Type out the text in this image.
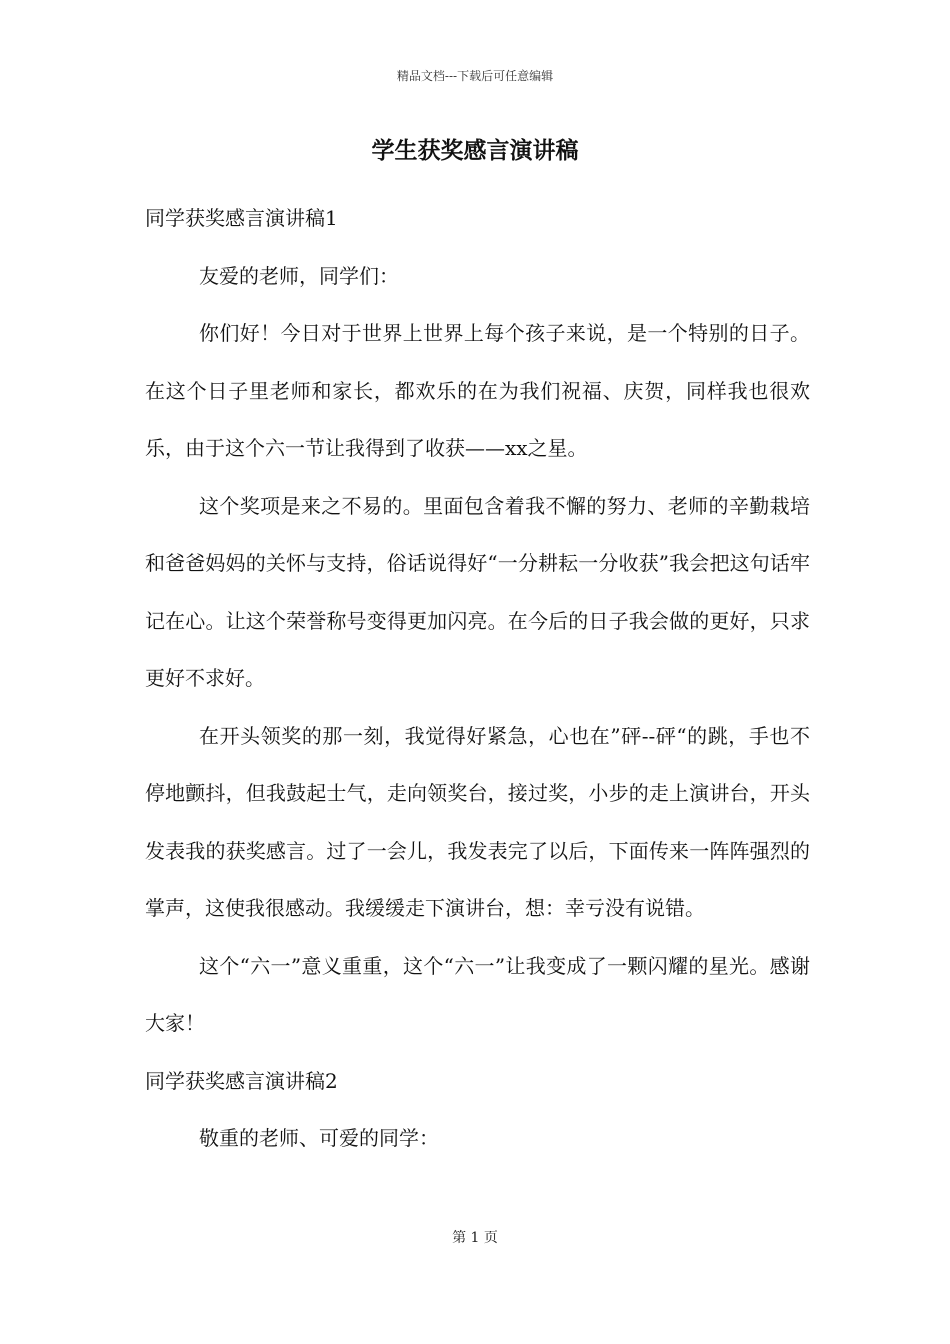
精品文档---下载后可任意编辑
学生获奖感言演讲稿

同学获奖感言演讲稿1

友爱的老师，同学们：

你们好！今日对于世界上世界上每个孩子来说，是一个特别的日子。在这个日子里老师和家长，都欢乐的在为我们祝福、庆贺，同样我也很欢乐，由于这个六一节让我得到了收获——xx之星。

这个奖项是来之不易的。里面包含着我不懈的努力、老师的辛勤栽培和爸爸妈妈的关怀与支持，俗话说得好“一分耕耘一分收获”我会把这句话牢记在心。让这个荣誉称号变得更加闪亮。在今后的日子我会做的更好，只求更好不求好。

在开头领奖的那一刻，我觉得好紧急，心也在”砰--砰“的跳，手也不停地颤抖，但我鼓起士气，走向领奖台，接过奖，小步的走上演讲台，开头发表我的获奖感言。过了一会儿，我发表完了以后，下面传来一阵阵强烈的掌声，这使我很感动。我缓缓走下演讲台，想：幸亏没有说错。

这个“六一”意义重重，这个“六一”让我变成了一颗闪耀的星光。感谢大家！

同学获奖感言演讲稿2

敬重的老师、可爱的同学：

第 1 页
